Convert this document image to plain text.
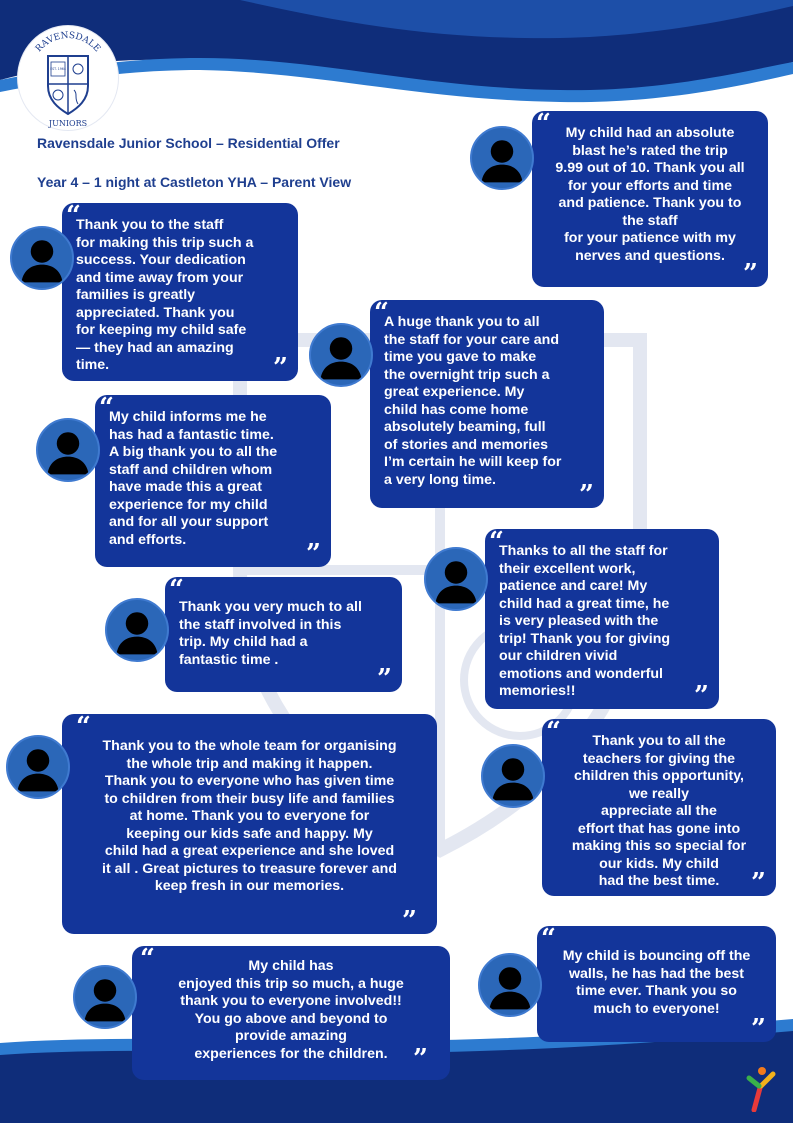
RAVENSDALE
EST. 1964
JUNIORS
Ravensdale Junior School – Residential Offer
Year 4 – 1 night at Castleton YHA – Parent View
“

Thank you to the staff
for making this trip such a
success. Your dedication
and time away from your
families is greatly
appreciated. Thank you
for keeping my child safe
— they had an amazing
time.	”
“	My child had an absolute
blast he’s rated the trip
9.99 out of 10. Thank you all
for your efforts and time
and patience. Thank you to
the staff
for your patience with my
nerves and questions.

”
“

A huge thank you to all
the staff for your care and
time you gave to make
the overnight trip such a
great experience. My
child has come home
absolutely beaming, full
of stories and memories
I’m certain he will keep for
a very long time.

”
“

My child informs me he
has had a fantastic time.
A big thank you to all the
staff and children whom
have made this a great
experience for my child
and for all your support
and efforts.	”	“

Thanks to all the staff for
their excellent work,
patience and care! My
child had a great time, he
is very pleased with the
trip! Thank you for giving
our children vivid
emotions and wonderful
memories!!	”
“

Thank you very much to all
the staff involved in this
trip. My child had a
fantastic time .

”
“

Thank you to the whole team for organising
the whole trip and making it happen.
Thank you to everyone who has given time
to children from their busy life and families
at home. Thank you to everyone for
keeping our kids safe and happy. My
child had a great experience and she loved
it all . Great pictures to treasure forever and
keep fresh in our memories.

”
“	Thank you to all the
teachers for giving the
children this opportunity,
we really
appreciate all the
effort that has gone into
making this so special for
our kids. My child
had the best time.	”
“	My child has
enjoyed this trip so much, a huge
thank you to everyone involved!!
You go above and beyond to
provide amazing
experiences for the children. ”
“

My child is bouncing off the
walls, he has had the best
time ever. Thank you so
much to everyone!

”
